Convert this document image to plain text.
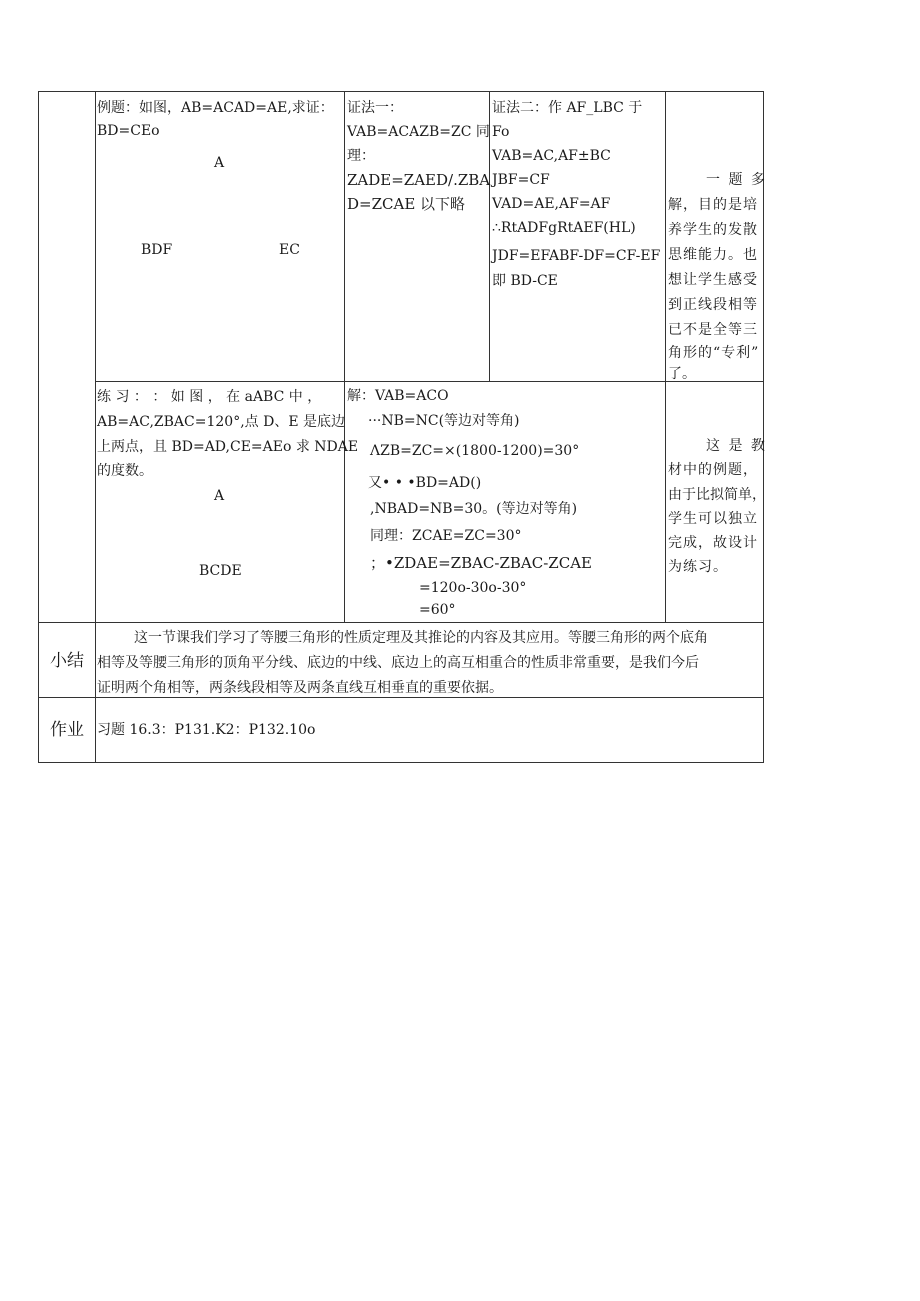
例题：如图，AB=ACAD=AE,求证：
BD=CEo
A
BDF	EC
证法一：
VAB=ACAZB=ZC 同
理：
ZADE=ZAED/.ZBA
D=ZCAE 以下略
证法二：作 AF_LBC 于
Fo
VAB=AC,AF±BC
JBF=CF
VAD=AE,AF=AF
∴RtADFgRtAEF(HL)
JDF=EFABF-DF=CF-EF
即 BD-CE
一 题 多
解，目的是培
养学生的发散
思维能力。也
想让学生感受
到正线段相等
已不是全等三
角形的“专利”
了。
练 习 ： ： 如 图 ， 在 aABC 中 ，
AB=AC,ZBAC=120°,点 D、E 是底边
上两点，且 BD=AD,CE=AEo 求 NDAE
的度数。
A
BCDE
解：VAB=ACO
···NB=NC(等边对等角)
ΛZB=ZC=×(1800-1200)=30°
又• • •BD=AD()
,NBAD=NB=30。(等边对等角)
同理：ZCAE=ZC=30°
；•ZDAE=ZBAC-ZBAC-ZCAE
=120o-30o-30°
=60°
这 是 教
材中的例题，
由于比拟简单，
学生可以独立
完成，故设计
为练习。
小结
这一节课我们学习了等腰三角形的性质定理及其推论的内容及其应用。等腰三角形的两个底角
相等及等腰三角形的顶角平分线、底边的中线、底边上的高互相重合的性质非常重要，是我们今后
证明两个角相等，两条线段相等及两条直线互相垂直的重要依据。
作业 习题 16.3：P131.K2：P132.10o
